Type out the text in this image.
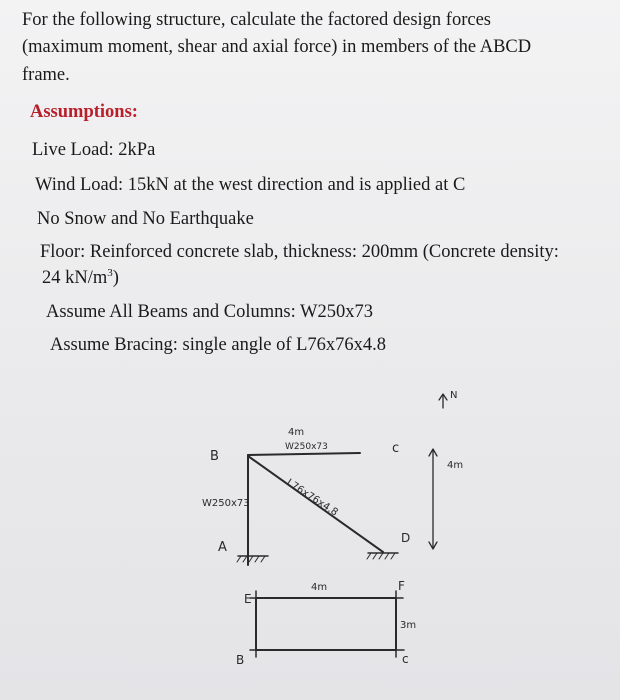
For the following structure, calculate the factored design forces

(maximum moment, shear and axial force) in members of the ABCD

frame.

Assumptions:

Live Load: 2kPa

Wind Load: 15kN at the west direction and is applied at C

No Snow and No Earthquake

Floor: Reinforced concrete slab, thickness: 200mm (Concrete density:

24 $kN/m^3$)

Assume All Beams and Columns: W250x73

Assume Bracing: single angle of L76x76x4.8

B
c
A
D
4m
W250x73
L76x76x4.8
W250x73
E
F
B	c
4m
3m
N
4m
